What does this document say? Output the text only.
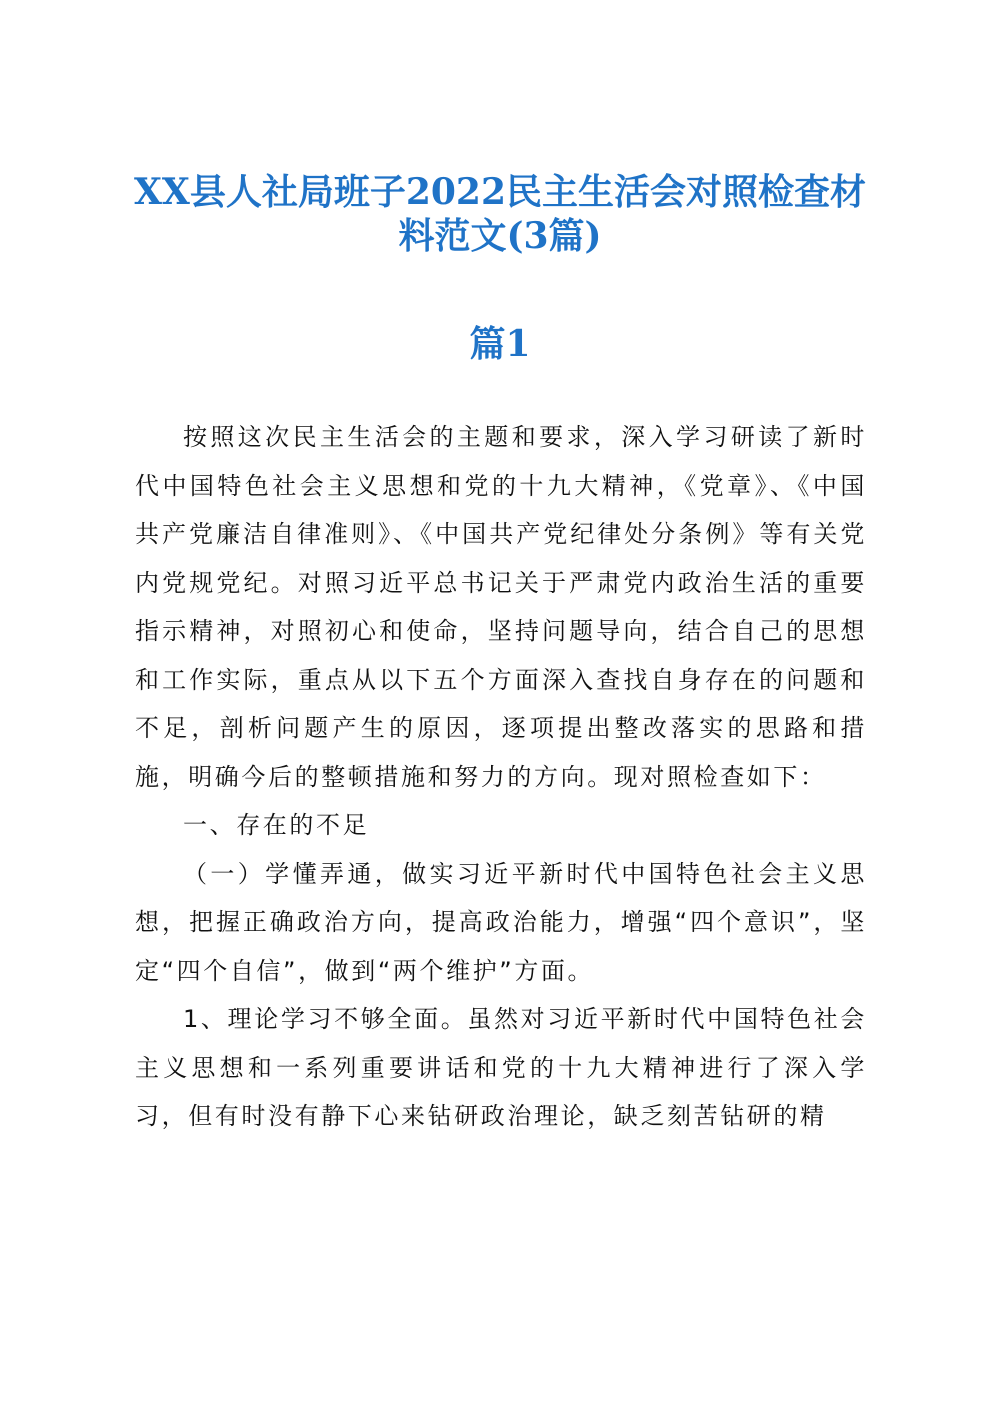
XX县人社局班子2022民主生活会对照检查材料范文(3篇)
篇1

按照这次民主生活会的主题和要求，深入学习研读了新时代中国特色社会主义思想和党的十九大精神，《党章》、《中国共产党廉洁自律准则》、《中国共产党纪律处分条例》等有关党内党规党纪。对照习近平总书记关于严肃党内政治生活的重要指示精神，对照初心和使命，坚持问题导向，结合自己的思想和工作实际，重点从以下五个方面深入查找自身存在的问题和不足，剖析问题产生的原因，逐项提出整改落实的思路和措施，明确今后的整顿措施和努力的方向。现对照检查如下：

一、存在的不足

（一）学懂弄通，做实习近平新时代中国特色社会主义思想，把握正确政治方向，提高政治能力，增强“四个意识”，坚定“四个自信”，做到“两个维护”方面。

1、理论学习不够全面。虽然对习近平新时代中国特色社会主义思想和一系列重要讲话和党的十九大精神进行了深入学习，但有时没有静下心来钻研政治理论，缺乏刻苦钻研的精
